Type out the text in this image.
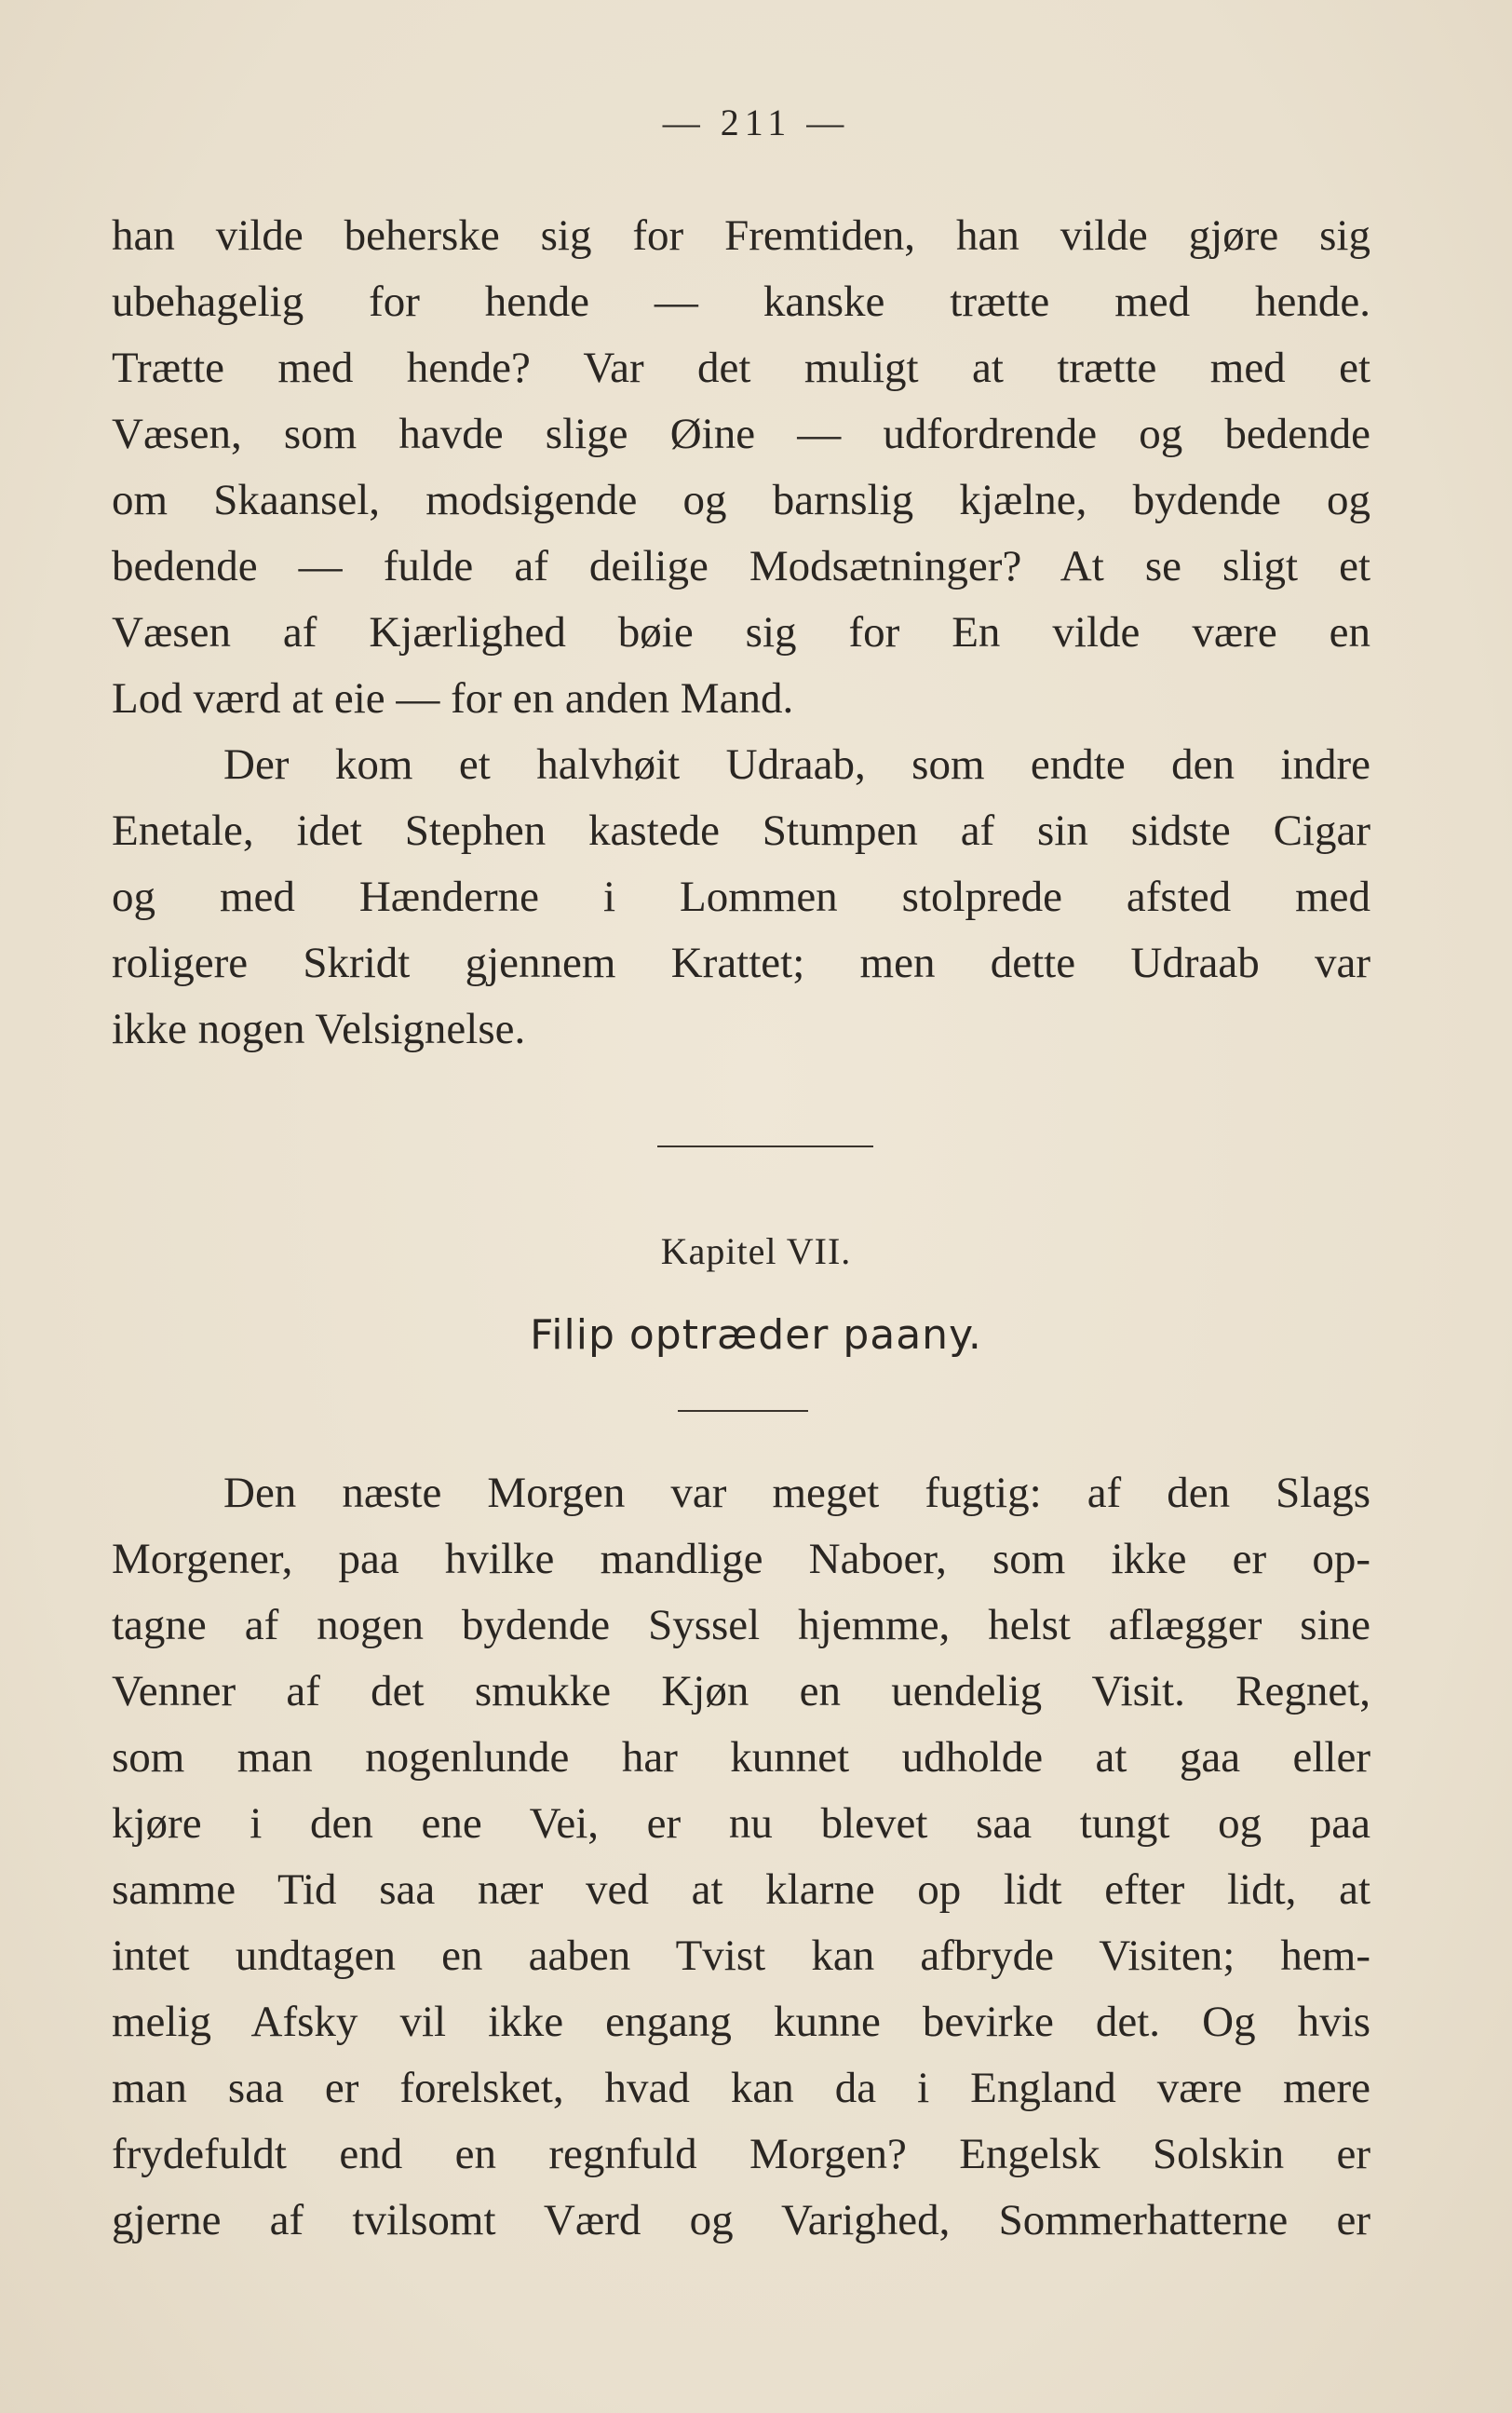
— 211 —
han vilde beherske sig for Fremtiden, han vilde gjøre sig
ubehagelig for hende — kanske trætte med hende.
Trætte med hende? Var det muligt at trætte med et
Væsen, som havde slige Øine — udfordrende og bedende
om Skaansel, modsigende og barnslig kjælne, bydende og
bedende — fulde af deilige Modsætninger? At se sligt et
Væsen af Kjærlighed bøie sig for En vilde være en
Lod værd at eie — for en anden Mand.
Der kom et halvhøit Udraab, som endte den indre
Enetale, idet Stephen kastede Stumpen af sin sidste Cigar
og med Hænderne i Lommen stolprede afsted med
roligere Skridt gjennem Krattet; men dette Udraab var
ikke nogen Velsignelse.
Kapitel VII.
Filip optræder paany.
Den næste Morgen var meget fugtig: af den Slags
Morgener, paa hvilke mandlige Naboer, som ikke er op-
tagne af nogen bydende Syssel hjemme, helst aflægger sine
Venner af det smukke Kjøn en uendelig Visit. Regnet,
som man nogenlunde har kunnet udholde at gaa eller
kjøre i den ene Vei, er nu blevet saa tungt og paa
samme Tid saa nær ved at klarne op lidt efter lidt, at
intet undtagen en aaben Tvist kan afbryde Visiten; hem-
melig Afsky vil ikke engang kunne bevirke det. Og hvis
man saa er forelsket, hvad kan da i England være mere
frydefuldt end en regnfuld Morgen? Engelsk Solskin er
gjerne af tvilsomt Værd og Varighed, Sommerhatterne er
